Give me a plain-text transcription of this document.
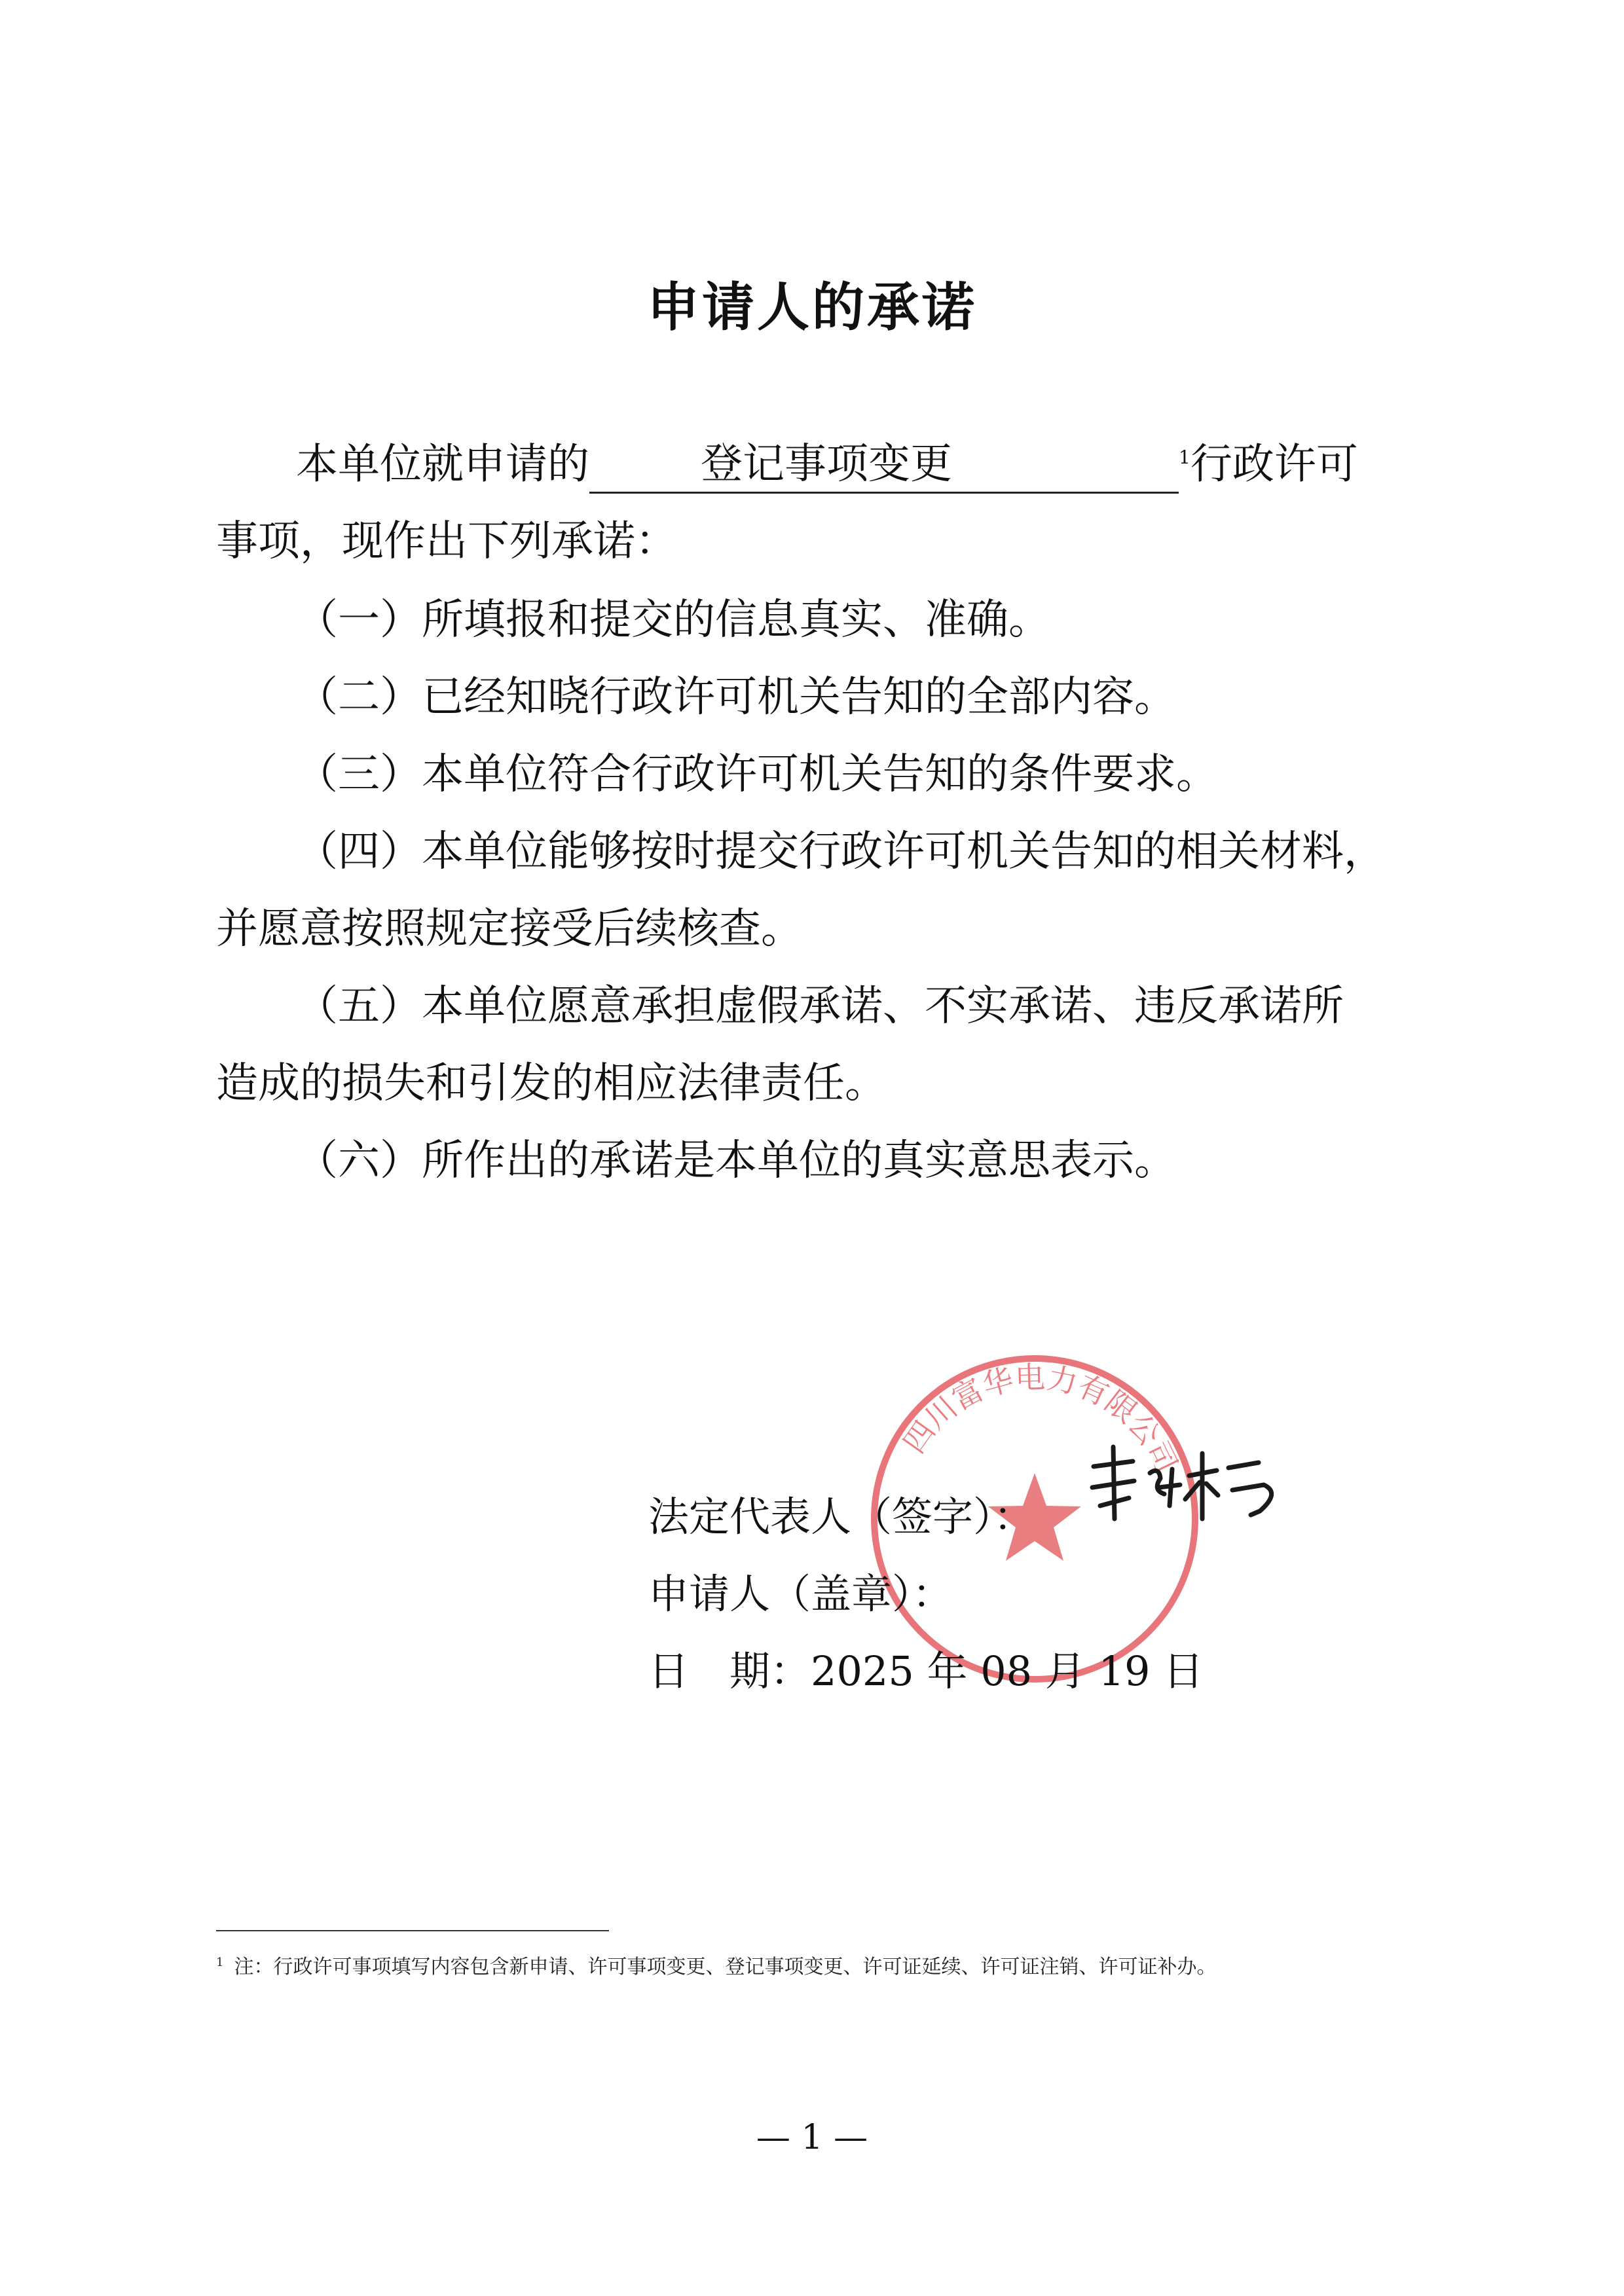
申请人的承诺
本单位就申请的	登记事项变更	$^1$行政许可
事项，现作出下列承诺：
（一）所填报和提交的信息真实、准确。
（二）已经知晓行政许可机关告知的全部内容。
（三）本单位符合行政许可机关告知的条件要求。
（四）本单位能够按时提交行政许可机关告知的相关材料，
并愿意按照规定接受后续核查。
（五）本单位愿意承担虚假承诺、不实承诺、违反承诺所
造成的损失和引发的相应法律责任。
（六）所作出的承诺是本单位的真实意思表示。
四川富华电力有限公司
法定代表人（签字）：
申请人（盖章）：
日　期：2025 年 08 月 19 日
$^1$ 注：行政许可事项填写内容包含新申请、许可事项变更、登记事项变更、许可证延续、许可证注销、许可证补办。
— 1 —
